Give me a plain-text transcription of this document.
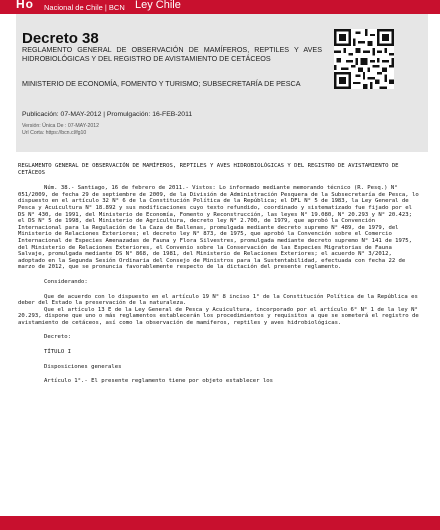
Ho Nacional de Chile | BCN Ley Chile
Decreto 38
REGLAMENTO GENERAL DE OBSERVACIÓN DE MAMÍFEROS, REPTILES Y AVES HIDROBIOLÓGICAS Y DEL REGISTRO DE AVISTAMIENTO DE CETÁCEOS
MINISTERIO DE ECONOMÍA, FOMENTO Y TURISMO; SUBSECRETARÍA DE PESCA
Publicación: 07-MAY-2012 | Promulgación: 16-FEB-2011
Versión: Única De : 07-MAY-2012
Url Corta: https://bcn.cl/fg10

REGLAMENTO GENERAL DE OBSERVACIÓN DE MAMÍFEROS, REPTILES Y AVES HIDROBIOLÓGICAS Y DEL REGISTRO DE AVISTAMIENTO DE CETÁCEOS

Núm. 38.- Santiago, 16 de febrero de 2011.- Vistos: Lo informado mediante memorando técnico (R. Pesq.) N° 051/2009, de fecha 29 de septiembre de 2009, de la División de Administración Pesquera de la Subsecretaría de Pesca, lo dispuesto en el artículo 32 N° 6 de la Constitución Política de la República; el DFL N° 5 de 1983, la Ley General de Pesca y Acuicultura N° 18.892 y sus modificaciones cuyo texto refundido, coordinado y sistematizado fue fijado por el DS N° 430, de 1991, del Ministerio de Economía, Fomento y Reconstrucción, las leyes N° 19.080, N° 20.293 y N° 20.423; el DS N° 5 de 1998, del Ministerio de Agricultura, decreto ley N° 2.700, de 1979, que aprobó la Convención Internacional para la Regulación de la Caza de Ballenas, promulgada mediante decreto supremo N° 489, de 1979, del Ministerio de Relaciones Exteriores; el decreto ley N° 873, de 1975, que aprobó la Convención sobre el Comercio Internacional de Especies Amenazadas de Fauna y Flora Silvestres, promulgada mediante decreto supremo N° 141 de 1975, del Ministerio de Relaciones Exteriores, el Convenio sobre la Conservación de las Especies Migratorias de Fauna Salvaje, promulgada mediante DS N° 868, de 1981, del Ministerio de Relaciones Exteriores; el acuerdo N° 3/2012, adoptado en la Segunda Sesión Ordinaria del Consejo de Ministros para la Sustentabilidad, efectuada con fecha 22 de marzo de 2012, que se pronuncia favorablemente respecto de la dictación del presente reglamento.

Considerando:

Que de acuerdo con lo dispuesto en el artículo 19 N° 8 inciso 1° de la Constitución Política de la República es deber del Estado la preservación de la naturaleza.

Que el artículo 13 E de la Ley General de Pesca y Acuicultura, incorporado por el artículo 6° N° 1 de la ley N° 20.293, dispone que uno o más reglamentos establecerán los procedimientos y requisitos a que se someterá el registro de avistamiento de cetáceos, así como la observación de mamíferos, reptiles y aves hidrobiológicas.

Decreto:

TÍTULO I

Disposiciones generales

Artículo 1°.- El presente reglamento tiene por objeto establecer los
